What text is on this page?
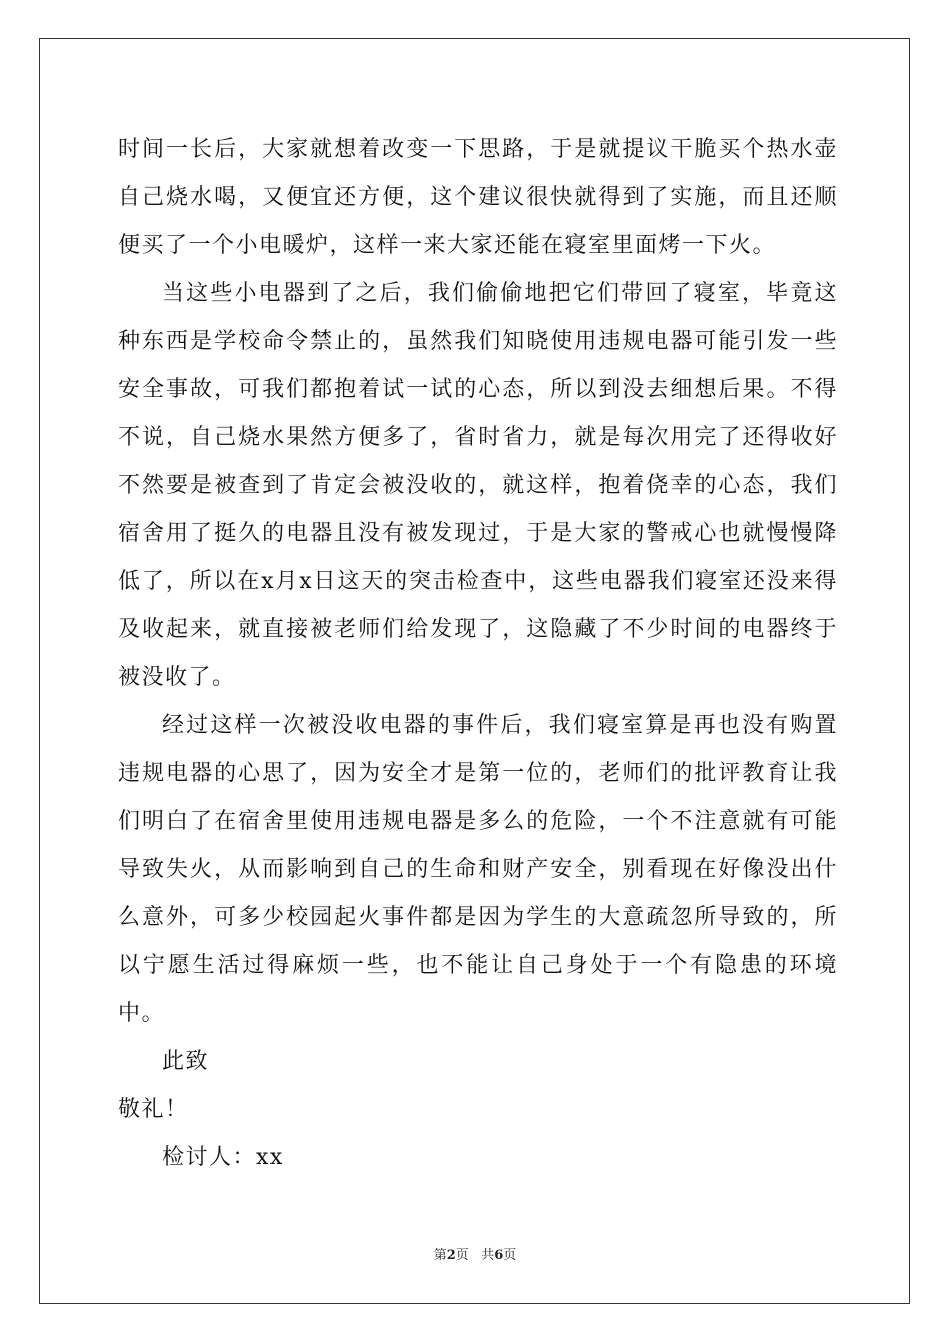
时间一长后，大家就想着改变一下思路，于是就提议干脆买个热水壶自己烧水喝，又便宜还方便，这个建议很快就得到了实施，而且还顺便买了一个小电暖炉，这样一来大家还能在寝室里面烤一下火。

当这些小电器到了之后，我们偷偷地把它们带回了寝室，毕竟这种东西是学校命令禁止的，虽然我们知晓使用违规电器可能引发一些安全事故，可我们都抱着试一试的心态，所以到没去细想后果。不得不说，自己烧水果然方便多了，省时省力，就是每次用完了还得收好不然要是被查到了肯定会被没收的，就这样，抱着侥幸的心态，我们宿舍用了挺久的电器且没有被发现过，于是大家的警戒心也就慢慢降低了，所以在x月x日这天的突击检查中，这些电器我们寝室还没来得及收起来，就直接被老师们给发现了，这隐藏了不少时间的电器终于被没收了。

经过这样一次被没收电器的事件后，我们寝室算是再也没有购置违规电器的心思了，因为安全才是第一位的，老师们的批评教育让我们明白了在宿舍里使用违规电器是多么的危险，一个不注意就有可能导致失火，从而影响到自己的生命和财产安全，别看现在好像没出什么意外，可多少校园起火事件都是因为学生的大意疏忽所导致的，所以宁愿生活过得麻烦一些，也不能让自己身处于一个有隐患的环境中。

此致

敬礼！

检讨人：xx

第2页 共6页
